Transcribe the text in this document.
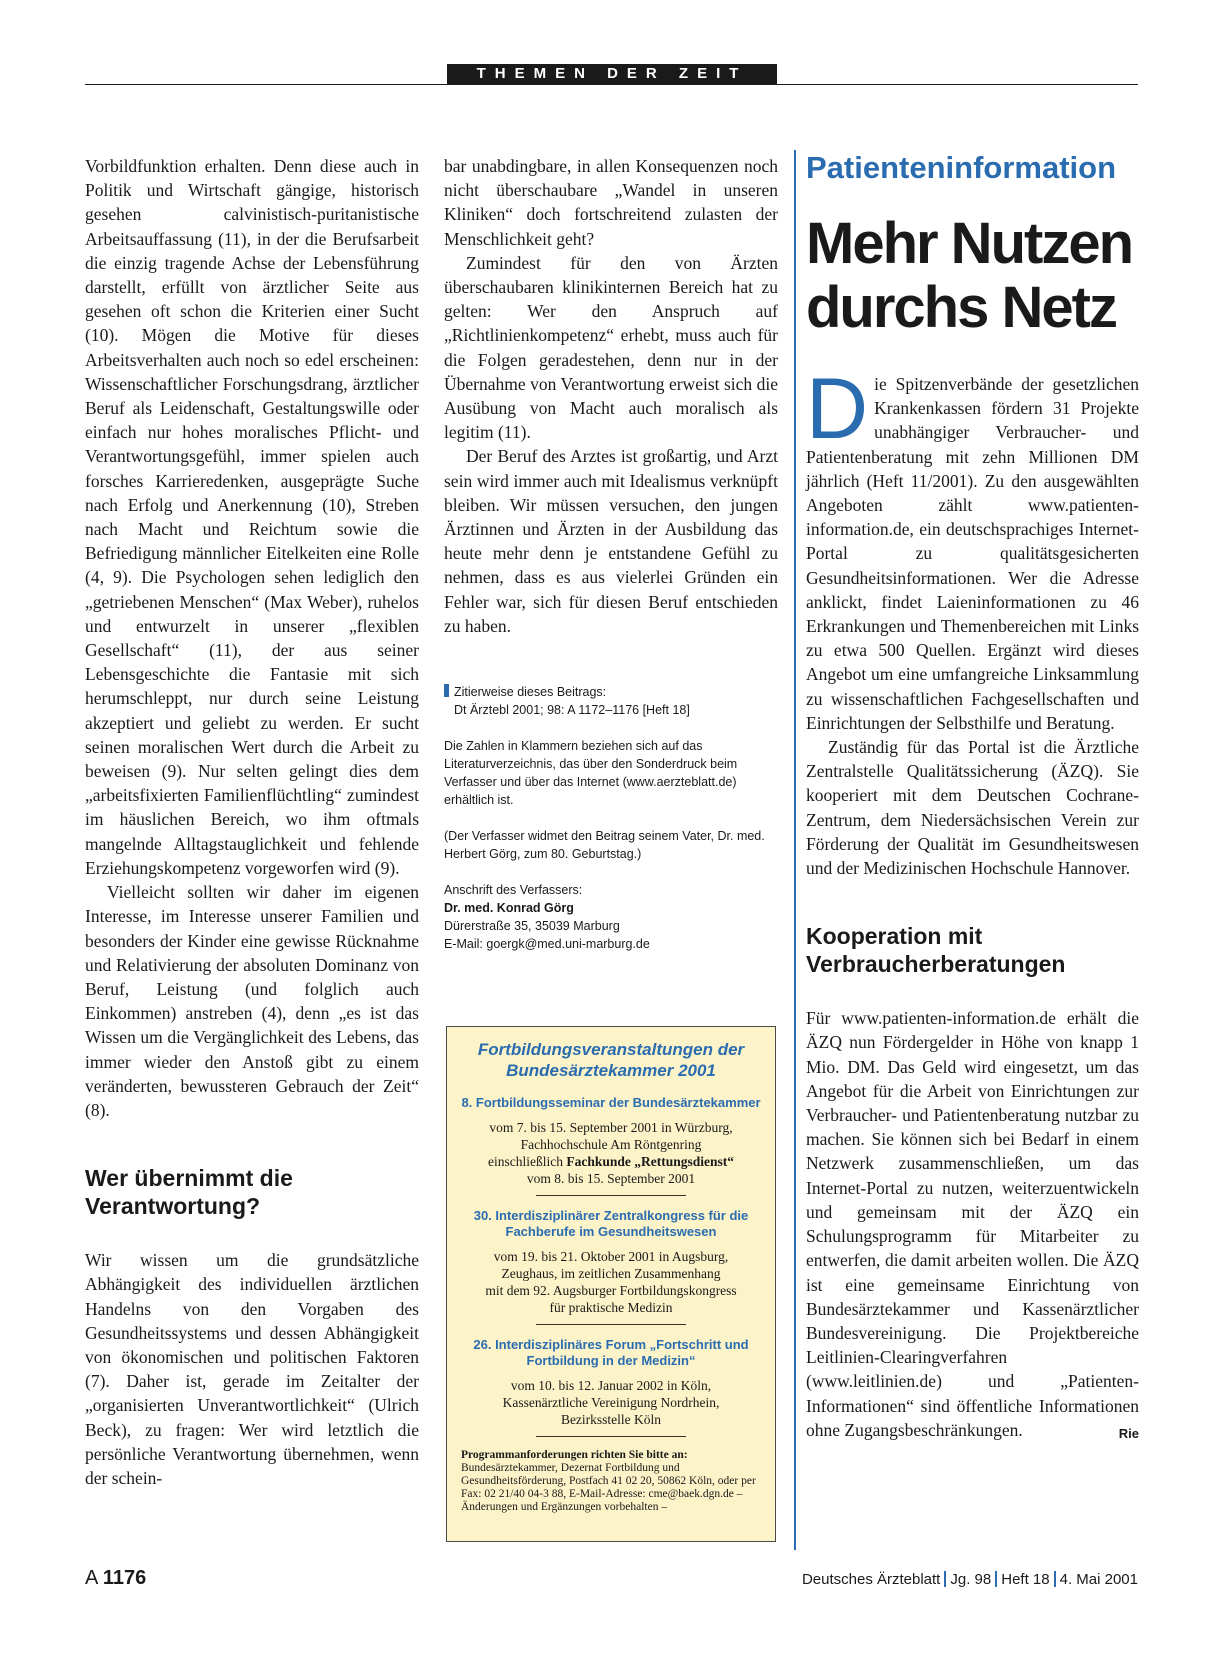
THEMEN DER ZEIT

Vorbildfunktion erhalten. Denn diese auch in Politik und Wirtschaft gängige, historisch gesehen calvinistisch-puritanistische Arbeitsauffassung (11), in der die Berufsarbeit die einzig tragende Achse der Lebensführung darstellt, erfüllt von ärztlicher Seite aus gesehen oft schon die Kriterien einer Sucht (10). Mögen die Motive für dieses Arbeitsverhalten auch noch so edel erscheinen: Wissenschaftlicher Forschungsdrang, ärztlicher Beruf als Leidenschaft, Gestaltungswille oder einfach nur hohes moralisches Pflicht- und Verantwortungsgefühl, immer spielen auch forsches Karrieredenken, ausgeprägte Suche nach Erfolg und Anerkennung (10), Streben nach Macht und Reichtum sowie die Befriedigung männlicher Eitelkeiten eine Rolle (4, 9). Die Psychologen sehen lediglich den „getriebenen Menschen“ (Max Weber), ruhelos und entwurzelt in unserer „flexiblen Gesellschaft“ (11), der aus seiner Lebensgeschichte die Fantasie mit sich herumschleppt, nur durch seine Leistung akzeptiert und geliebt zu werden. Er sucht seinen moralischen Wert durch die Arbeit zu beweisen (9). Nur selten gelingt dies dem „arbeitsfixierten Familienflüchtling“ zumindest im häuslichen Bereich, wo ihm oftmals mangelnde Alltagstauglichkeit und fehlende Erziehungskompetenz vorgeworfen wird (9).

Vielleicht sollten wir daher im eigenen Interesse, im Interesse unserer Familien und besonders der Kinder eine gewisse Rücknahme und Relativierung der absoluten Dominanz von Beruf, Leistung (und folglich auch Einkommen) anstreben (4), denn „es ist das Wissen um die Vergänglichkeit des Lebens, das immer wieder den Anstoß gibt zu einem veränderten, bewussteren Gebrauch der Zeit“ (8).

Wer übernimmt die Verantwortung?

Wir wissen um die grundsätzliche Abhängigkeit des individuellen ärztlichen Handelns von den Vorgaben des Gesundheitssystems und dessen Abhängigkeit von ökonomischen und politischen Faktoren (7). Daher ist, gerade im Zeitalter der „organisierten Unverantwortlichkeit“ (Ulrich Beck), zu fragen: Wer wird letztlich die persönliche Verantwortung übernehmen, wenn der schein-

bar unabdingbare, in allen Konsequenzen noch nicht überschaubare „Wandel in unseren Kliniken“ doch fortschreitend zulasten der Menschlichkeit geht?

Zumindest für den von Ärzten überschaubaren klinikinternen Bereich hat zu gelten: Wer den Anspruch auf „Richtlinienkompetenz“ erhebt, muss auch für die Folgen geradestehen, denn nur in der Übernahme von Verantwortung erweist sich die Ausübung von Macht auch moralisch als legitim (11).

Der Beruf des Arztes ist großartig, und Arzt sein wird immer auch mit Idealismus verknüpft bleiben. Wir müssen versuchen, den jungen Ärztinnen und Ärzten in der Ausbildung das heute mehr denn je entstandene Gefühl zu nehmen, dass es aus vielerlei Gründen ein Fehler war, sich für diesen Beruf entschieden zu haben.

Zitierweise dieses Beitrags:

Dt Ärztebl 2001; 98: A 1172–1176 [Heft 18]

Die Zahlen in Klammern beziehen sich auf das Literaturverzeichnis, das über den Sonderdruck beim Verfasser und über das Internet (www.aerzteblatt.de) erhältlich ist.

(Der Verfasser widmet den Beitrag seinem Vater, Dr. med. Herbert Görg, zum 80. Geburtstag.)

Anschrift des Verfassers:

Dr. med. Konrad Görg

Dürerstraße 35, 35039 Marburg

E-Mail: goergk@med.uni-marburg.de

Fortbildungsveranstaltungen der Bundesärztekammer 2001
8. Fortbildungsseminar der Bundesärztekammer
vom 7. bis 15. September 2001 in Würzburg,
Fachhochschule Am Röntgenring
einschließlich Fachkunde „Rettungsdienst“
vom 8. bis 15. September 2001
30. Interdisziplinärer Zentralkongress für die Fachberufe im Gesundheitswesen
vom 19. bis 21. Oktober 2001 in Augsburg,
Zeughaus, im zeitlichen Zusammenhang
mit dem 92. Augsburger Fortbildungskongress
für praktische Medizin
26. Interdisziplinäres Forum „Fortschritt und Fortbildung in der Medizin“
vom 10. bis 12. Januar 2002 in Köln,
Kassenärztliche Vereinigung Nordrhein,
Bezirksstelle Köln
Programmanforderungen richten Sie bitte an:
Bundesärztekammer, Dezernat Fortbildung und Gesundheitsförderung, Postfach 41 02 20, 50862 Köln, oder per Fax: 02 21/40 04-3 88, E-Mail-Adresse: cme@baek.dgn.de – Änderungen und Ergänzungen vorbehalten –
Patienteninformation
Mehr Nutzen
durchs Netz

Die Spitzenverbände der gesetzlichen Krankenkassen fördern 31 Projekte unabhängiger Verbraucher- und Patientenberatung mit zehn Millionen DM jährlich (Heft 11/2001). Zu den ausgewählten Angeboten zählt www.patienten-information.de, ein deutschsprachiges Internet-Portal zu qualitätsgesicherten Gesundheitsinformationen. Wer die Adresse anklickt, findet Laieninformationen zu 46 Erkrankungen und Themenbereichen mit Links zu etwa 500 Quellen. Ergänzt wird dieses Angebot um eine umfangreiche Linksammlung zu wissenschaftlichen Fachgesellschaften und Einrichtungen der Selbsthilfe und Beratung.

Zuständig für das Portal ist die Ärztliche Zentralstelle Qualitätssicherung (ÄZQ). Sie kooperiert mit dem Deutschen Cochrane-Zentrum, dem Niedersächsischen Verein zur Förderung der Qualität im Gesundheitswesen und der Medizinischen Hochschule Hannover.

Kooperation mit Verbraucherberatungen

Für www.patienten-information.de erhält die ÄZQ nun Fördergelder in Höhe von knapp 1 Mio. DM. Das Geld wird eingesetzt, um das Angebot für die Arbeit von Einrichtungen zur Verbraucher- und Patientenberatung nutzbar zu machen. Sie können sich bei Bedarf in einem Netzwerk zusammenschließen, um das Internet-Portal zu nutzen, weiterzuentwickeln und gemeinsam mit der ÄZQ ein Schulungsprogramm für Mitarbeiter zu entwerfen, die damit arbeiten wollen. Die ÄZQ ist eine gemeinsame Einrichtung von Bundesärztekammer und Kassenärztlicher Bundesvereinigung. Die Projektbereiche Leitlinien-Clearingverfahren (www.leitlinien.de) und „Patienten-Informationen“ sind öffentliche Informationen ohne Zugangsbeschränkungen.	Rie

A 1176	Deutsches Ärzteblatt Jg. 98 Heft 18 4. Mai 2001
